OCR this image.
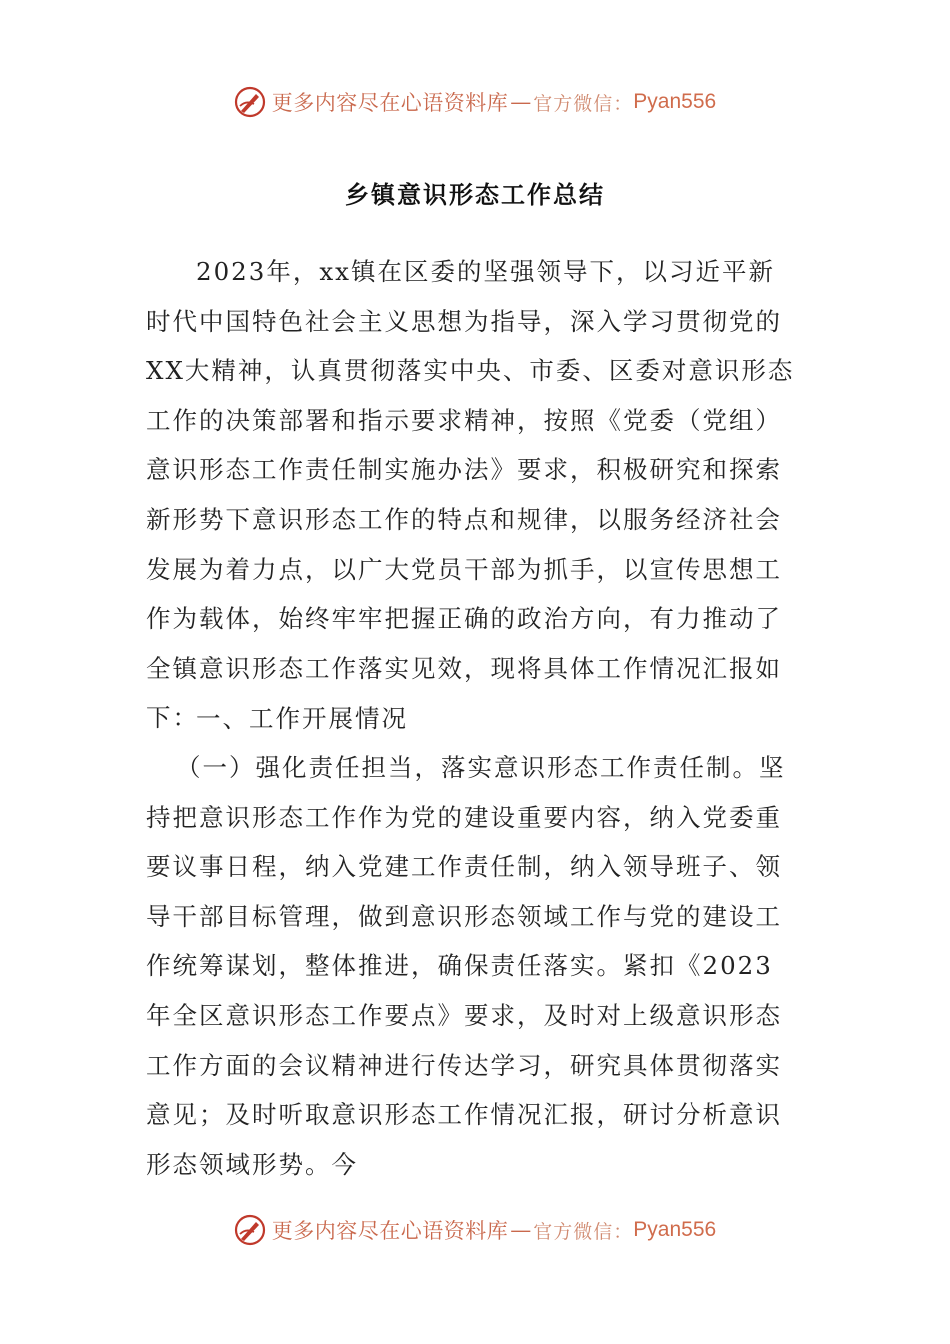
更多内容尽在心语资料库 — 官方微信： Pyan556
乡镇意识形态工作总结

2023年，xx镇在区委的坚强领导下，以习近平新时代中国特色社会主义思想为指导，深入学习贯彻党的XX大精神，认真贯彻落实中央、市委、区委对意识形态工作的决策部署和指示要求精神，按照《党委（党组）意识形态工作责任制实施办法》要求，积极研究和探索新形势下意识形态工作的特点和规律，以服务经济社会发展为着力点，以广大党员干部为抓手，以宣传思想工作为载体，始终牢牢把握正确的政治方向，有力推动了全镇意识形态工作落实见效，现将具体工作情况汇报如下：

一、工作开展情况

（一）强化责任担当，落实意识形态工作责任制。坚持把意识形态工作作为党的建设重要内容，纳入党委重要议事日程，纳入党建工作责任制，纳入领导班子、领导干部目标管理，做到意识形态领域工作与党的建设工作统筹谋划，整体推进，确保责任落实。紧扣《2023年全区意识形态工作要点》要求，及时对上级意识形态工作方面的会议精神进行传达学习，研究具体贯彻落实意见；及时听取意识形态工作情况汇报，研讨分析意识形态领域形势。今

更多内容尽在心语资料库 — 官方微信： Pyan556
